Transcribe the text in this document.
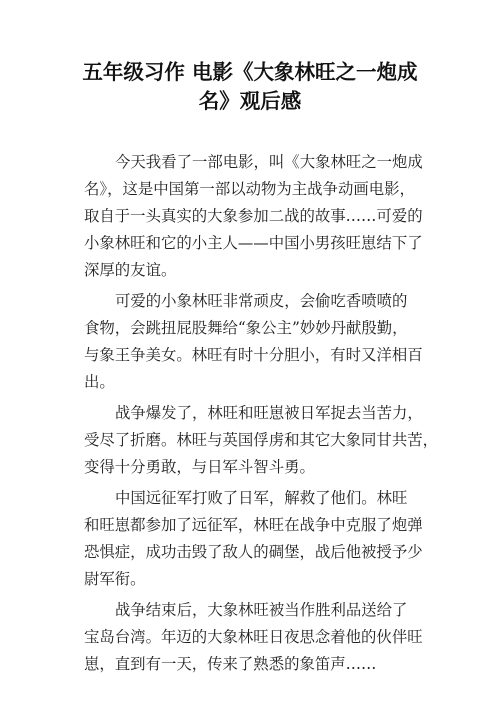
五年级习作 电影《大象林旺之一炮成
名》观后感
今天我看了一部电影，叫《大象林旺之一炮成
名》，这是中国第一部以动物为主战争动画电影，
取自于一头真实的大象参加二战的故事……可爱的
小象林旺和它的小主人——中国小男孩旺崽结下了
深厚的友谊。
可爱的小象林旺非常顽皮，会偷吃香喷喷的
食物，会跳扭屁股舞给“象公主”妙妙丹献殷勤，
与象王争美女。林旺有时十分胆小，有时又洋相百
出。
战争爆发了，林旺和旺崽被日军捉去当苦力，
受尽了折磨。林旺与英国俘虏和其它大象同甘共苦，
变得十分勇敢，与日军斗智斗勇。
中国远征军打败了日军，解救了他们。林旺
和旺崽都参加了远征军，林旺在战争中克服了炮弹
恐惧症，成功击毁了敌人的碉堡，战后他被授予少
尉军衔。
战争结束后，大象林旺被当作胜利品送给了
宝岛台湾。年迈的大象林旺日夜思念着他的伙伴旺
崽，直到有一天，传来了熟悉的象笛声……
